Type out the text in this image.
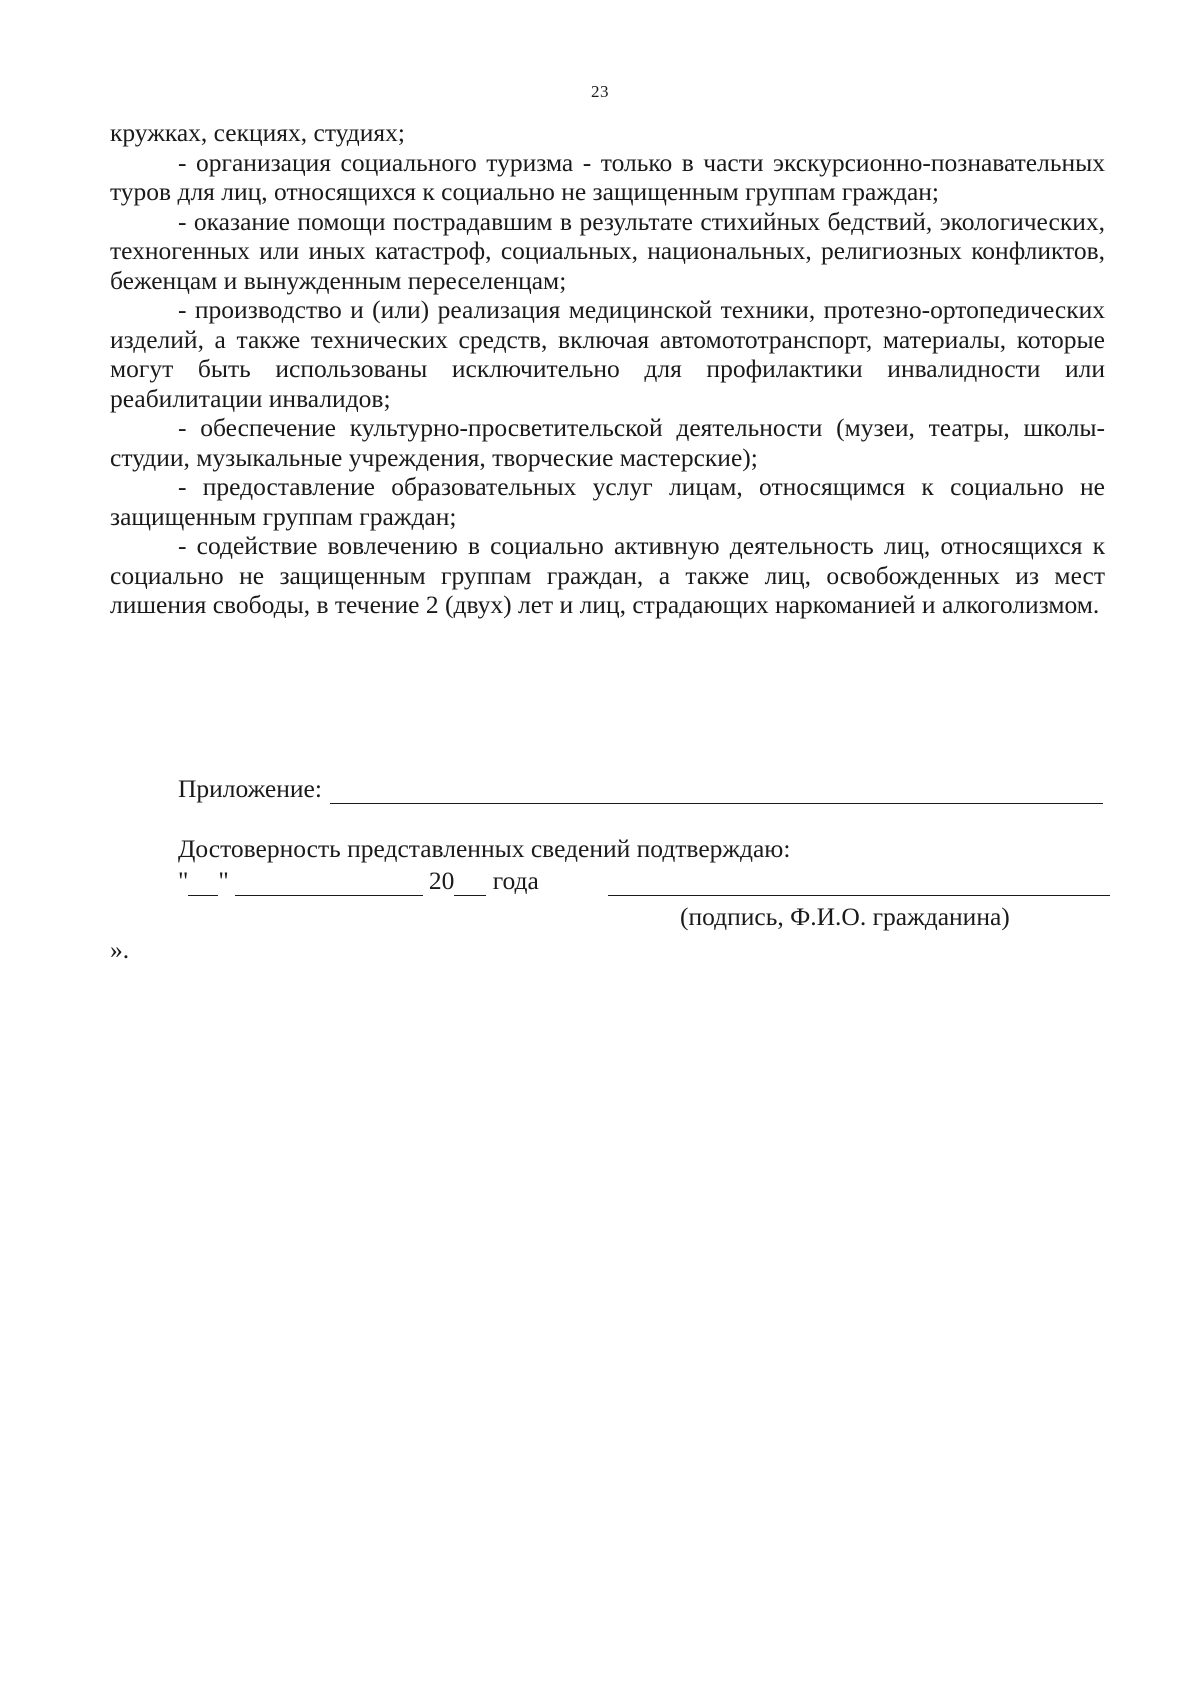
23

кружках, секциях, студиях;

- организация социального туризма - только в части экскурсионно-познавательных туров для лиц, относящихся к социально не защищенным группам граждан;

- оказание помощи пострадавшим в результате стихийных бедствий, экологических, техногенных или иных катастроф, социальных, национальных, религиозных конфликтов, беженцам и вынужденным переселенцам;

- производство и (или) реализация медицинской техники, протезно-ортопедических изделий, а также технических средств, включая автомототранспорт, материалы, которые могут быть использованы исключительно для профилактики инвалидности или реабилитации инвалидов;

- обеспечение культурно-просветительской деятельности (музеи, театры, школы-студии, музыкальные учреждения, творческие мастерские);

- предоставление образовательных услуг лицам, относящимся к социально не защищенным группам граждан;

- содействие вовлечению в социально активную деятельность лиц, относящихся к социально не защищенным группам граждан, а также лиц, освобожденных из мест лишения свободы, в течение 2 (двух) лет и лиц, страдающих наркоманией и алкоголизмом.

Приложение:
Достоверность представленных сведений подтверждаю:
" "	20 года
(подпись, Ф.И.О. гражданина)
».
